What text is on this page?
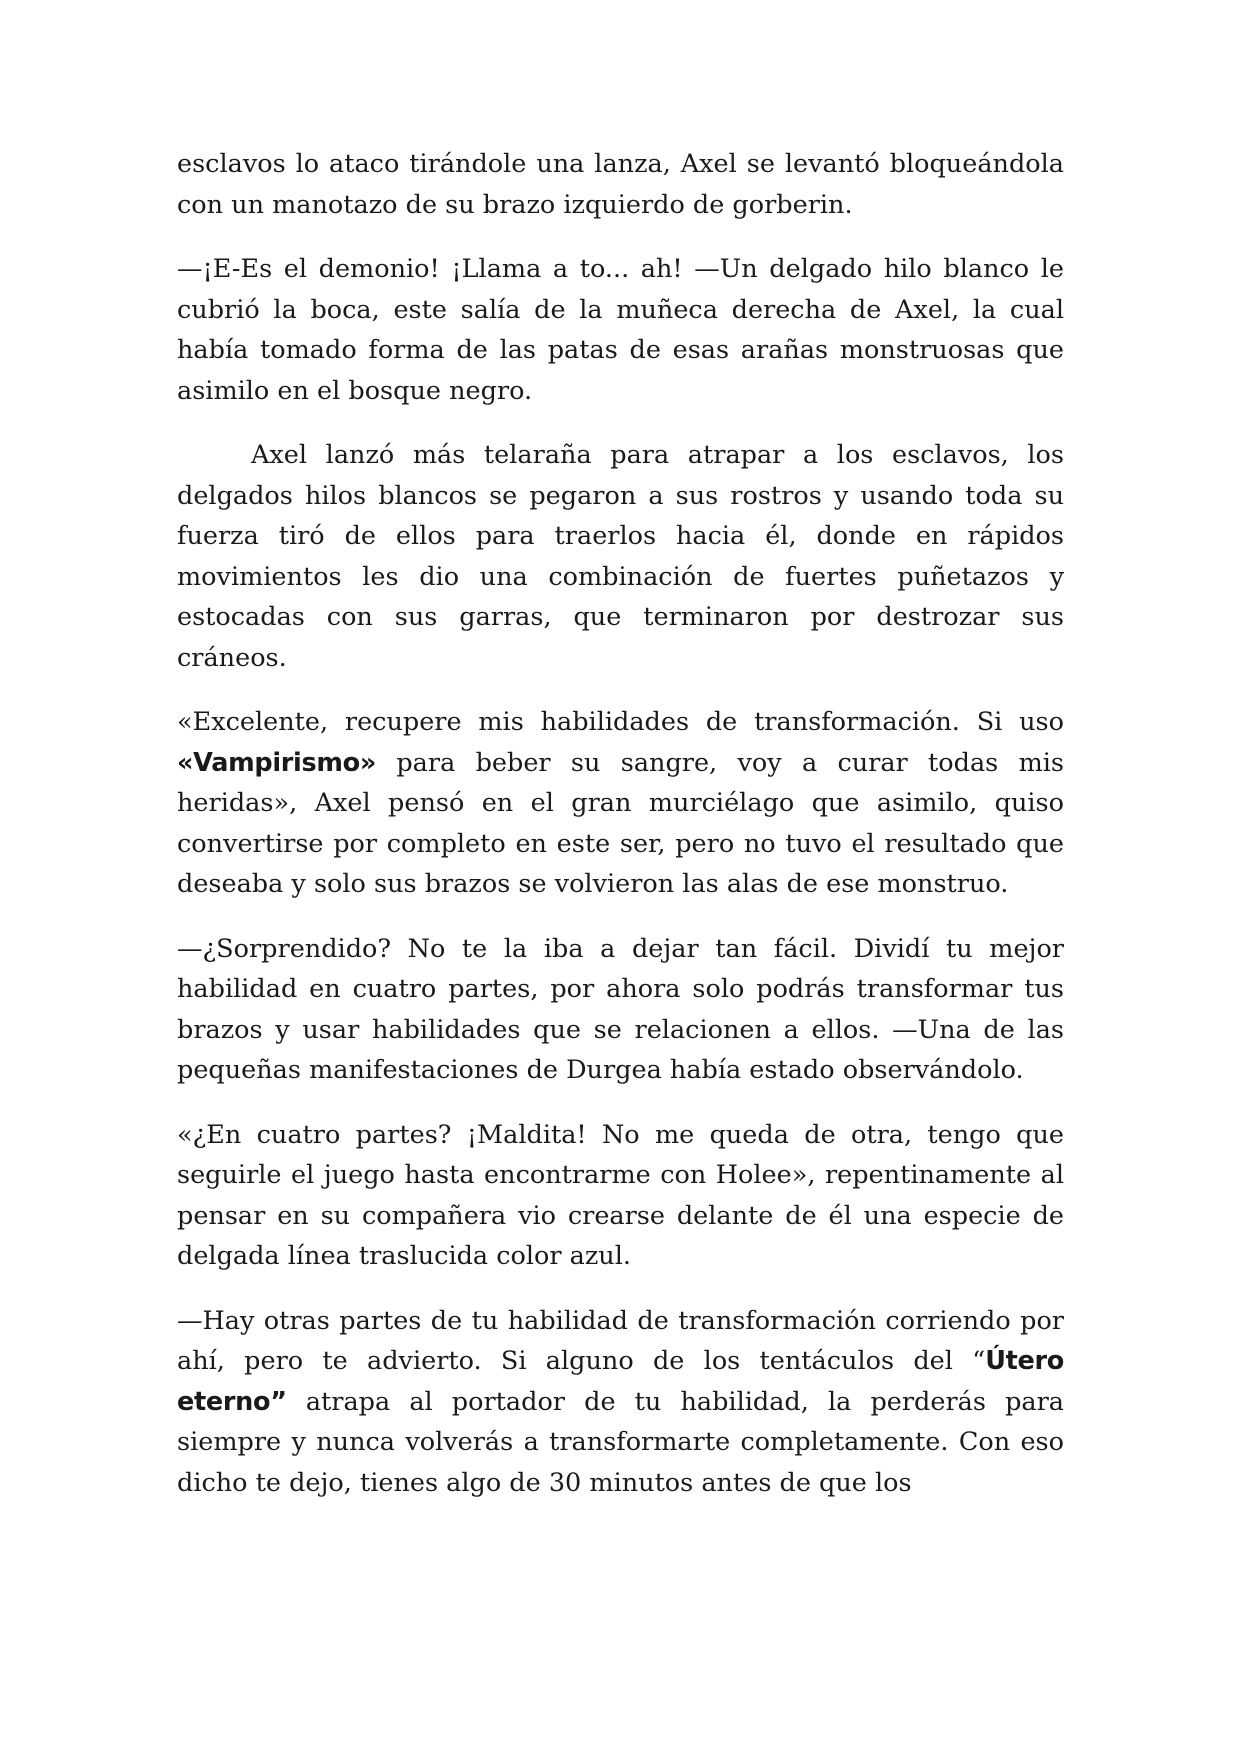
esclavos lo ataco tirándole una lanza, Axel se levantó bloqueándola con un manotazo de su brazo izquierdo de gorberin.

—¡E-Es el demonio! ¡Llama a to... ah! —Un delgado hilo blanco le cubrió la boca, este salía de la muñeca derecha de Axel, la cual había tomado forma de las patas de esas arañas monstruosas que asimilo en el bosque negro.

Axel lanzó más telaraña para atrapar a los esclavos, los delgados hilos blancos se pegaron a sus rostros y usando toda su fuerza tiró de ellos para traerlos hacia él, donde en rápidos movimientos les dio una combinación de fuertes puñetazos y estocadas con sus garras, que terminaron por destrozar sus cráneos.

«Excelente, recupere mis habilidades de transformación. Si uso «Vampirismo» para beber su sangre, voy a curar todas mis heridas», Axel pensó en el gran murciélago que asimilo, quiso convertirse por completo en este ser, pero no tuvo el resultado que deseaba y solo sus brazos se volvieron las alas de ese monstruo.

—¿Sorprendido? No te la iba a dejar tan fácil. Dividí tu mejor habilidad en cuatro partes, por ahora solo podrás transformar tus brazos y usar habilidades que se relacionen a ellos. —Una de las pequeñas manifestaciones de Durgea había estado observándolo.

«¿En cuatro partes? ¡Maldita! No me queda de otra, tengo que seguirle el juego hasta encontrarme con Holee», repentinamente al pensar en su compañera vio crearse delante de él una especie de delgada línea traslucida color azul.

—Hay otras partes de tu habilidad de transformación corriendo por ahí, pero te advierto. Si alguno de los tentáculos del “Útero eterno” atrapa al portador de tu habilidad, la perderás para siempre y nunca volverás a transformarte completamente. Con eso dicho te dejo, tienes algo de 30 minutos antes de que los
